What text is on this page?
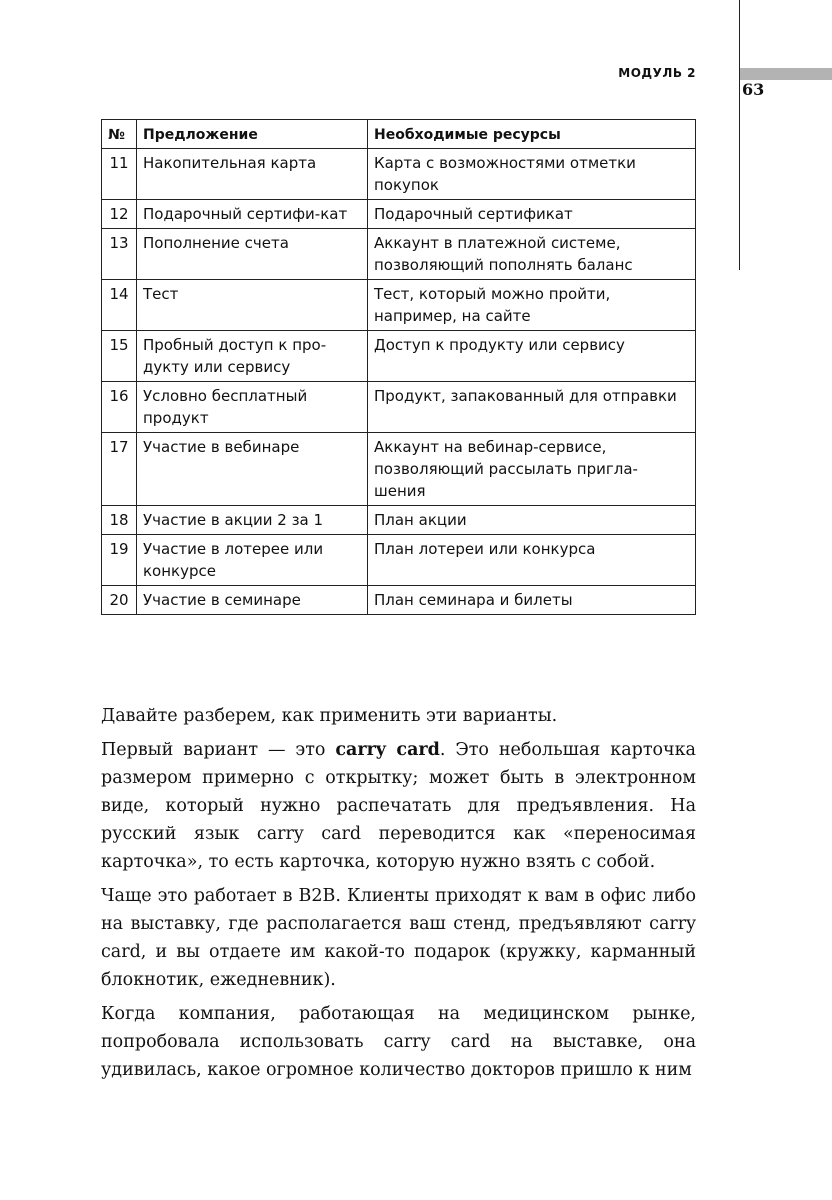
МОДУЛЬ 2
63
№	Предложение	Необходимые ресурсы
11	Накопительная карта	Карта с возможностями отметки покупок
12	Подарочный сертифи-кат	Подарочный сертификат
13	Пополнение счета	Аккаунт в платежной системе, позволяющий пополнять баланс
14	Тест	Тест, который можно пройти, например, на сайте
15	Пробный доступ к про-дукту или сервису	Доступ к продукту или сервису
16	Условно бесплатный продукт	Продукт, запакованный для отправки
17	Участие в вебинаре	Аккаунт на вебинар-сервисе, позволяющий рассылать пригла-шения
18	Участие в акции 2 за 1	План акции
19	Участие в лотерее или конкурсе	План лотереи или конкурса
20	Участие в семинаре	План семинара и билеты

Давайте разберем, как применить эти варианты.

Первый вариант — это carry card. Это небольшая карточка размером примерно с открытку; может быть в электронном виде, который нужно распечатать для предъявления. На русский язык carry card переводится как «переносимая карточка», то есть карточка, которую нужно взять с собой.

Чаще это работает в B2B. Клиенты приходят к вам в офис либо на выставку, где располагается ваш стенд, предъявляют carry card, и вы отдаете им какой-то подарок (кружку, карманный блокнотик, ежедневник).

Когда компания, работающая на медицинском рынке, попробовала использовать carry card на выставке, она удивилась, какое огромное количество докторов пришло к ним
